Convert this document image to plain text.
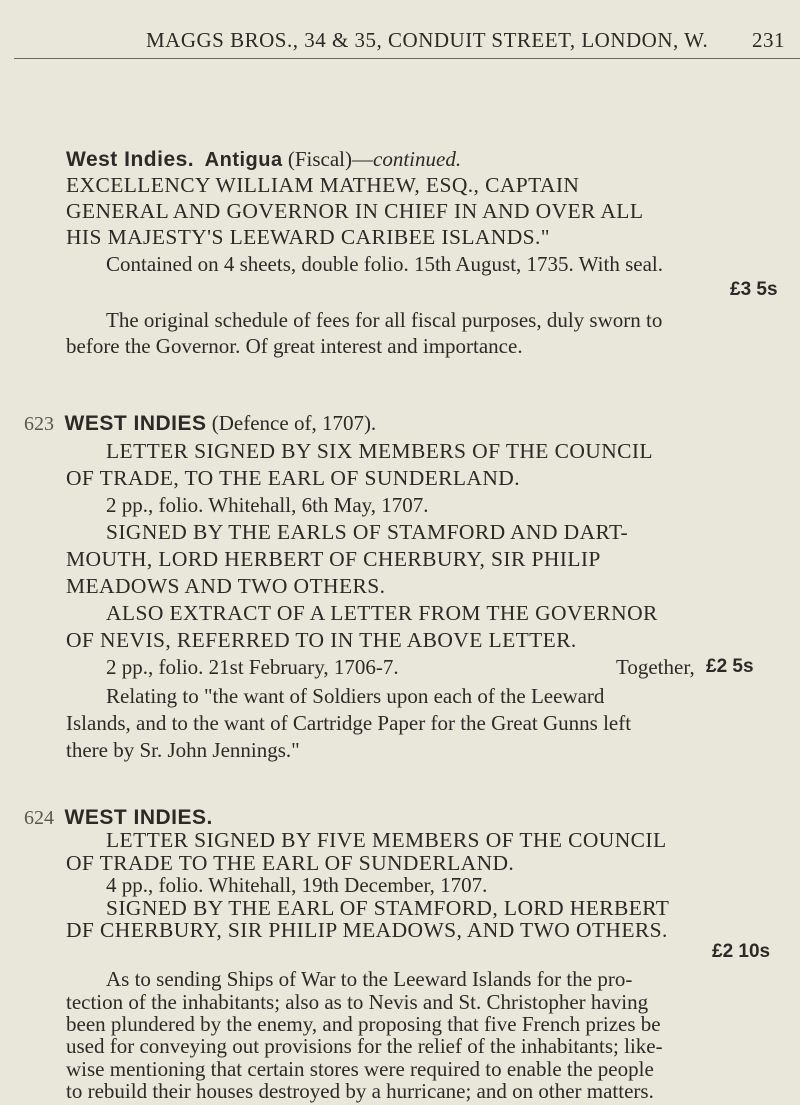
MAGGS BROS., 34 & 35, CONDUIT STREET, LONDON, W. 231
West Indies. Antigua (Fiscal)—continued.
EXCELLENCY WILLIAM MATHEW, ESQ., CAPTAIN
GENERAL AND GOVERNOR IN CHIEF IN AND OVER ALL
HIS MAJESTY'S LEEWARD CARIBEE ISLANDS."
Contained on 4 sheets, double folio. 15th August, 1735. With seal.
£3 5s
The original schedule of fees for all fiscal purposes, duly sworn to
before the Governor. Of great interest and importance.
623 WEST INDIES (Defence of, 1707).
LETTER SIGNED BY SIX MEMBERS OF THE COUNCIL
OF TRADE, TO THE EARL OF SUNDERLAND.
2 pp., folio. Whitehall, 6th May, 1707.
SIGNED BY THE EARLS OF STAMFORD AND DART-
MOUTH, LORD HERBERT OF CHERBURY, SIR PHILIP
MEADOWS AND TWO OTHERS.
ALSO EXTRACT OF A LETTER FROM THE GOVERNOR
OF NEVIS, REFERRED TO IN THE ABOVE LETTER.
2 pp., folio. 21st February, 1706-7.	Together, £2 5s
Relating to "the want of Soldiers upon each of the Leeward
Islands, and to the want of Cartridge Paper for the Great Gunns left
there by Sr. John Jennings."
624 WEST INDIES.
LETTER SIGNED BY FIVE MEMBERS OF THE COUNCIL
OF TRADE TO THE EARL OF SUNDERLAND.
4 pp., folio. Whitehall, 19th December, 1707.
SIGNED BY THE EARL OF STAMFORD, LORD HERBERT
DF CHERBURY, SIR PHILIP MEADOWS, AND TWO OTHERS.
£2 10s
As to sending Ships of War to the Leeward Islands for the pro-
tection of the inhabitants; also as to Nevis and St. Christopher having
been plundered by the enemy, and proposing that five French prizes be
used for conveying out provisions for the relief of the inhabitants; like-
wise mentioning that certain stores were required to enable the people
to rebuild their houses destroyed by a hurricane; and on other matters.
